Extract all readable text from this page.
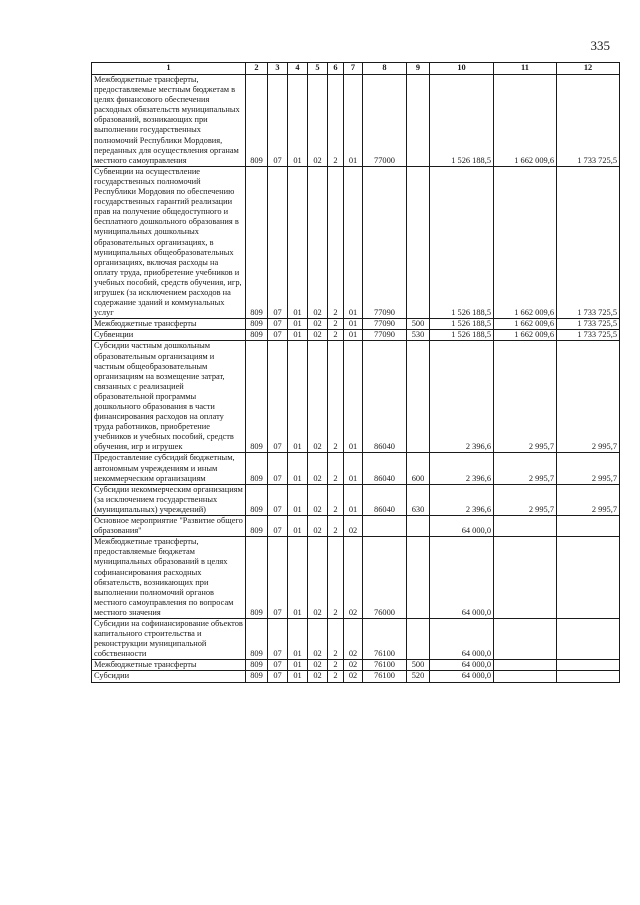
335
1	2	3	4	5	6	7	8	9	10	11	12
Межбюджетные трансферты, предоставляемые местным бюджетам в целях финансового обеспечения расходных обязательств муниципальных образований, возникающих при выполнении государственных полномочий Республики Мордовия, переданных для осуществления органам местного самоуправления	809	07	01	02	2	01	77000		1 526 188,5	1 662 009,6	1 733 725,5
Субвенции на осуществление государственных полномочий Республики Мордовия по обеспечению государственных гарантий реализации прав на получение общедоступного и бесплатного дошкольного образования в муниципальных дошкольных образовательных организациях, в муниципальных общеобразовательных организациях, включая расходы на оплату труда, приобретение учебников и учебных пособий, средств обучения, игр, игрушек (за исключением расходов на содержание зданий и коммунальных услуг	809	07	01	02	2	01	77090		1 526 188,5	1 662 009,6	1 733 725,5
Межбюджетные трансферты	809	07	01	02	2	01	77090	500	1 526 188,5	1 662 009,6	1 733 725,5
Субвенции	809	07	01	02	2	01	77090	530	1 526 188,5	1 662 009,6	1 733 725,5
Субсидии частным дошкольным образовательным организациям и частным общеобразовательным организациям на возмещение затрат, связанных с реализацией образовательной программы дошкольного образования в части финансирования расходов на оплату труда работников, приобретение учебников и учебных пособий, средств обучения, игр и игрушек	809	07	01	02	2	01	86040		2 396,6	2 995,7	2 995,7
Предоставление субсидий бюджетным, автономным учреждениям и иным некоммерческим организациям	809	07	01	02	2	01	86040	600	2 396,6	2 995,7	2 995,7
Субсидии некоммерческим организациям (за исключением государственных (муниципальных) учреждений)	809	07	01	02	2	01	86040	630	2 396,6	2 995,7	2 995,7
Основное мероприятие "Развитие общего образования"	809	07	01	02	2	02			64 000,0		
Межбюджетные трансферты, предоставляемые бюджетам муниципальных образований в целях софинансирования расходных обязательств, возникающих при выполнении полномочий органов местного самоуправления по вопросам местного значения	809	07	01	02	2	02	76000		64 000,0		
Субсидии на софинансирование объектов капитального строительства и реконструкции муниципальной собственности	809	07	01	02	2	02	76100		64 000,0		
Межбюджетные трансферты	809	07	01	02	2	02	76100	500	64 000,0		
Субсидии	809	07	01	02	2	02	76100	520	64 000,0		
